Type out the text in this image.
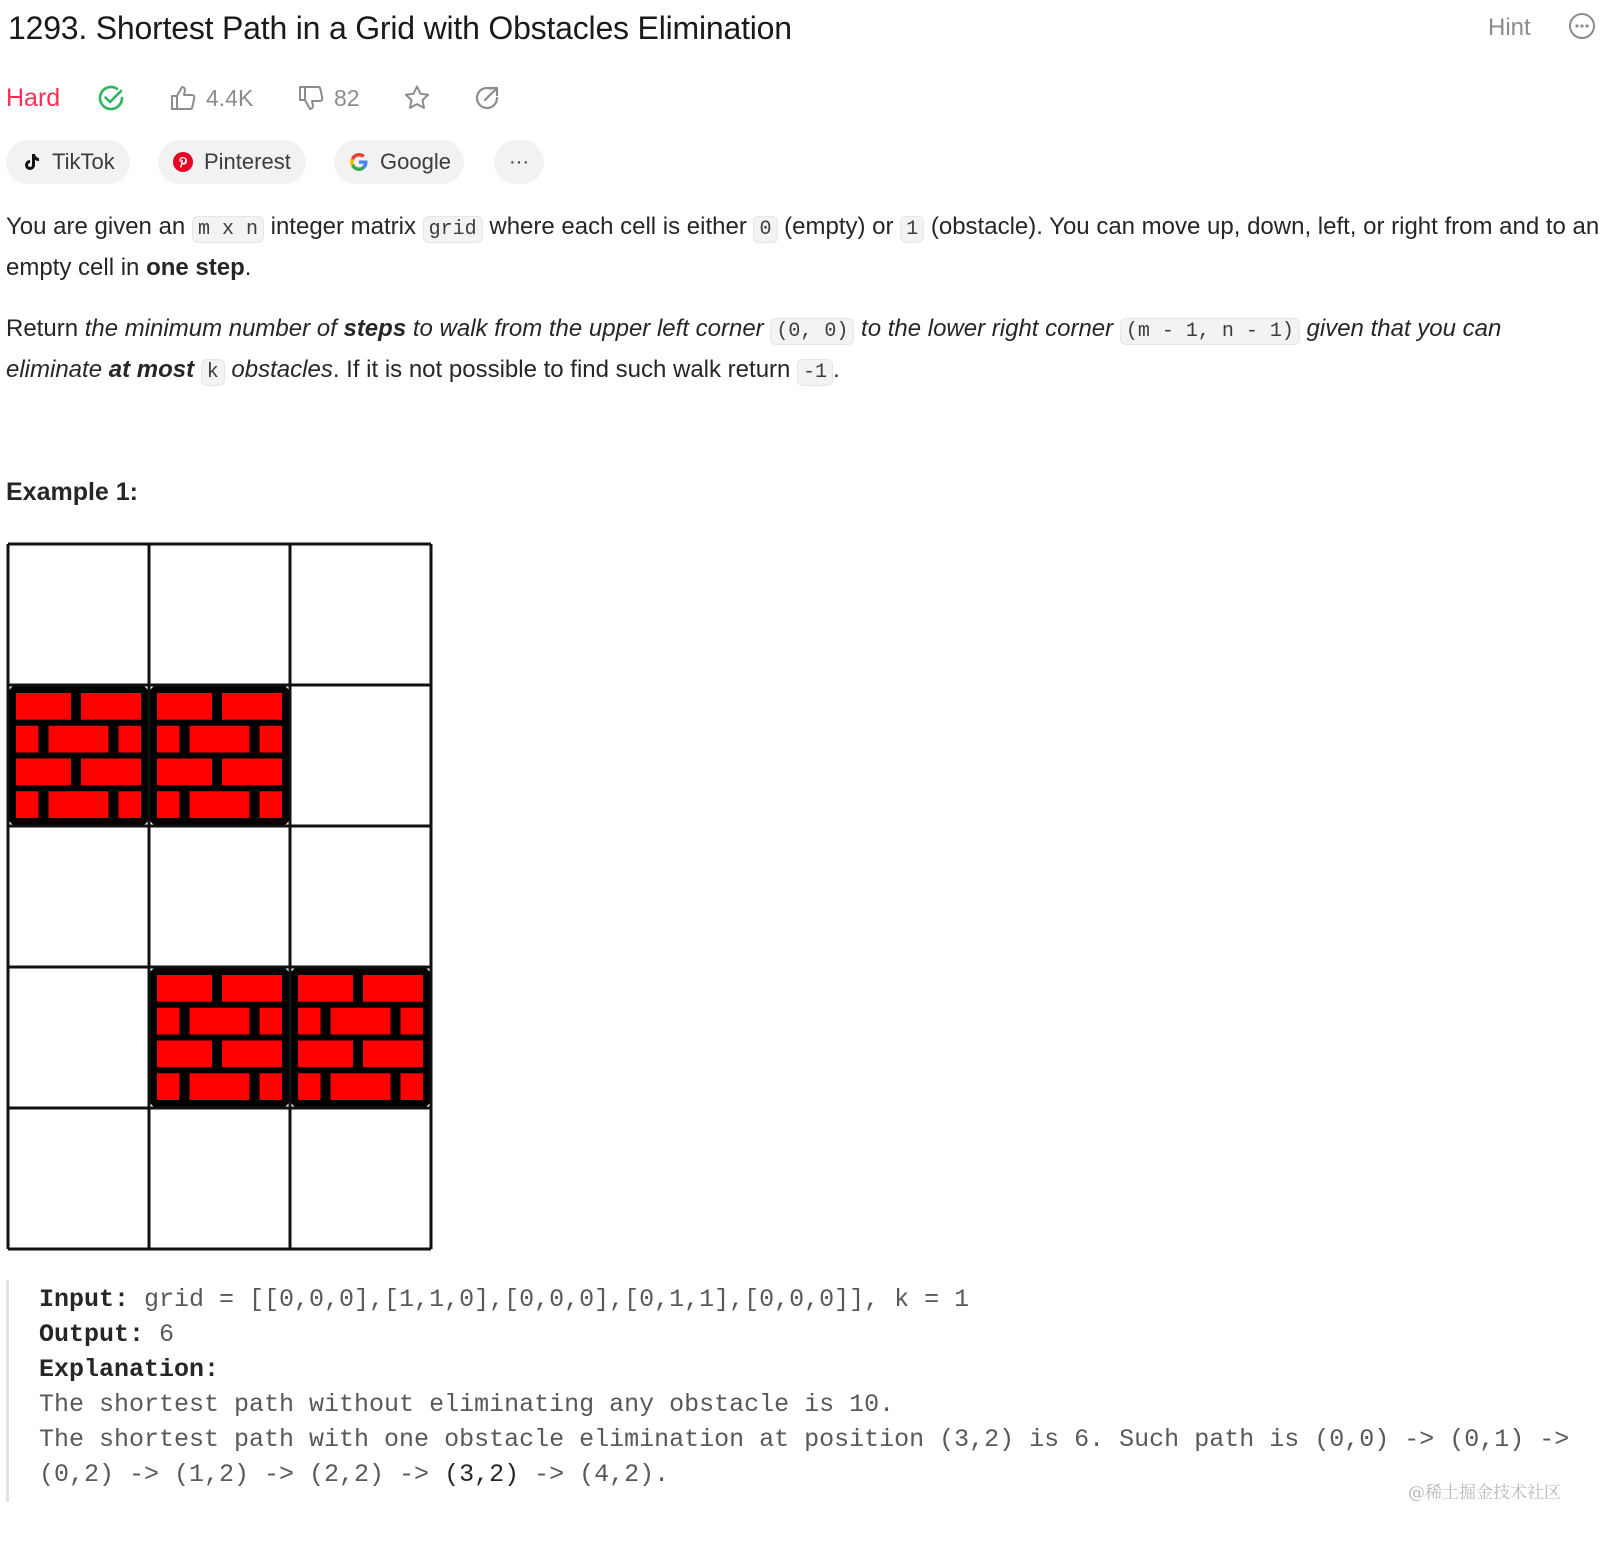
1293. Shortest Path in a Grid with Obstacles Elimination	Hint
Hard	4.4K	82
TikTok	Pinterest	Google	···
You are given an m x n integer matrix grid where each cell is either 0 (empty) or 1 (obstacle). You can move up, down, left, or right from and to an empty cell in one step.
Return the minimum number of steps to walk from the upper left corner (0, 0) to the lower right corner (m - 1, n - 1) given that you can eliminate at most k obstacles. If it is not possible to find such walk return -1 .
Example 1:
Input: grid = [[0,0,0],[1,1,0],[0,0,0],[0,1,1],[0,0,0]], k = 1
Output: 6
Explanation:
The shortest path without eliminating any obstacle is 10.
The shortest path with one obstacle elimination at position (3,2) is 6. Such path is (0,0) -> (0,1) ->
(0,2) -> (1,2) -> (2,2) -> (3,2) -> (4,2).
@稀土掘金技术社区
